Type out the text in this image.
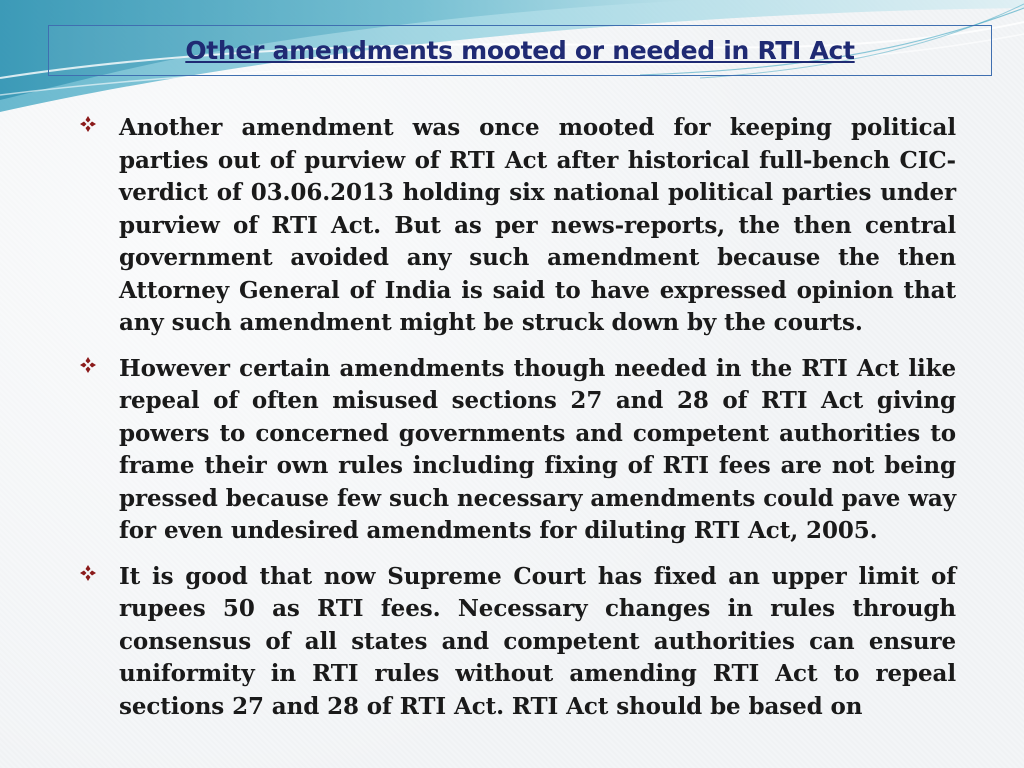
Other amendments mooted or needed in RTI Act
Another amendment was once mooted for keeping political parties out of purview of RTI Act after historical full-bench CIC-verdict of 03.06.2013 holding six national political parties under purview of RTI Act. But as per news-reports, the then central government avoided any such amendment because the then Attorney General of India is said to have expressed opinion that any such amendment might be struck down by the courts.
However certain amendments though needed in the RTI Act like repeal of often misused sections 27 and 28 of RTI Act giving powers to concerned governments and competent authorities to frame their own rules including fixing of RTI fees are not being pressed because few such necessary amendments could pave way for even undesired amendments for diluting RTI Act, 2005.
It is good that now Supreme Court has fixed an upper limit of rupees 50 as RTI fees. Necessary changes in rules through consensus of all states and competent authorities can ensure uniformity in RTI rules without amending RTI Act to repeal sections 27 and 28 of RTI Act. RTI Act should be based on
